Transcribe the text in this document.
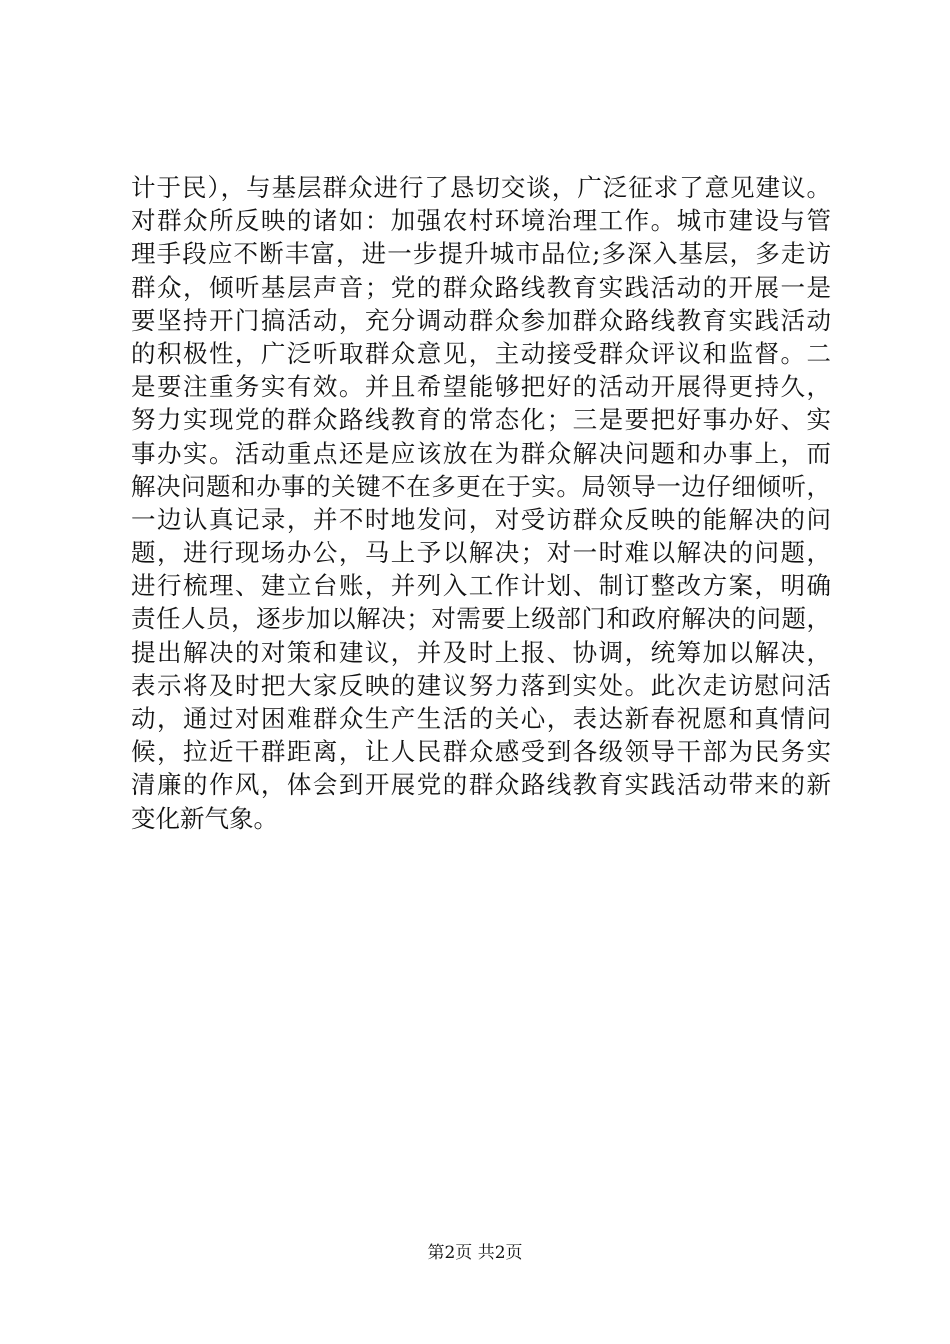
计于民），与基层群众进行了恳切交谈，广泛征求了意见建议。
对群众所反映的诸如：加强农村环境治理工作。城市建设与管
理手段应不断丰富，进一步提升城市品位;多深入基层，多走访
群众，倾听基层声音；党的群众路线教育实践活动的开展一是
要坚持开门搞活动，充分调动群众参加群众路线教育实践活动
的积极性，广泛听取群众意见，主动接受群众评议和监督。二
是要注重务实有效。并且希望能够把好的活动开展得更持久，
努力实现党的群众路线教育的常态化；三是要把好事办好、实
事办实。活动重点还是应该放在为群众解决问题和办事上，而
解决问题和办事的关键不在多更在于实。局领导一边仔细倾听，
一边认真记录，并不时地发问，对受访群众反映的能解决的问
题，进行现场办公，马上予以解决；对一时难以解决的问题，
进行梳理、建立台账，并列入工作计划、制订整改方案，明确
责任人员，逐步加以解决；对需要上级部门和政府解决的问题，
提出解决的对策和建议，并及时上报、协调，统筹加以解决，
表示将及时把大家反映的建议努力落到实处。此次走访慰问活
动，通过对困难群众生产生活的关心，表达新春祝愿和真情问
候，拉近干群距离，让人民群众感受到各级领导干部为民务实
清廉的作风，体会到开展党的群众路线教育实践活动带来的新
变化新气象。
第2页 共2页
